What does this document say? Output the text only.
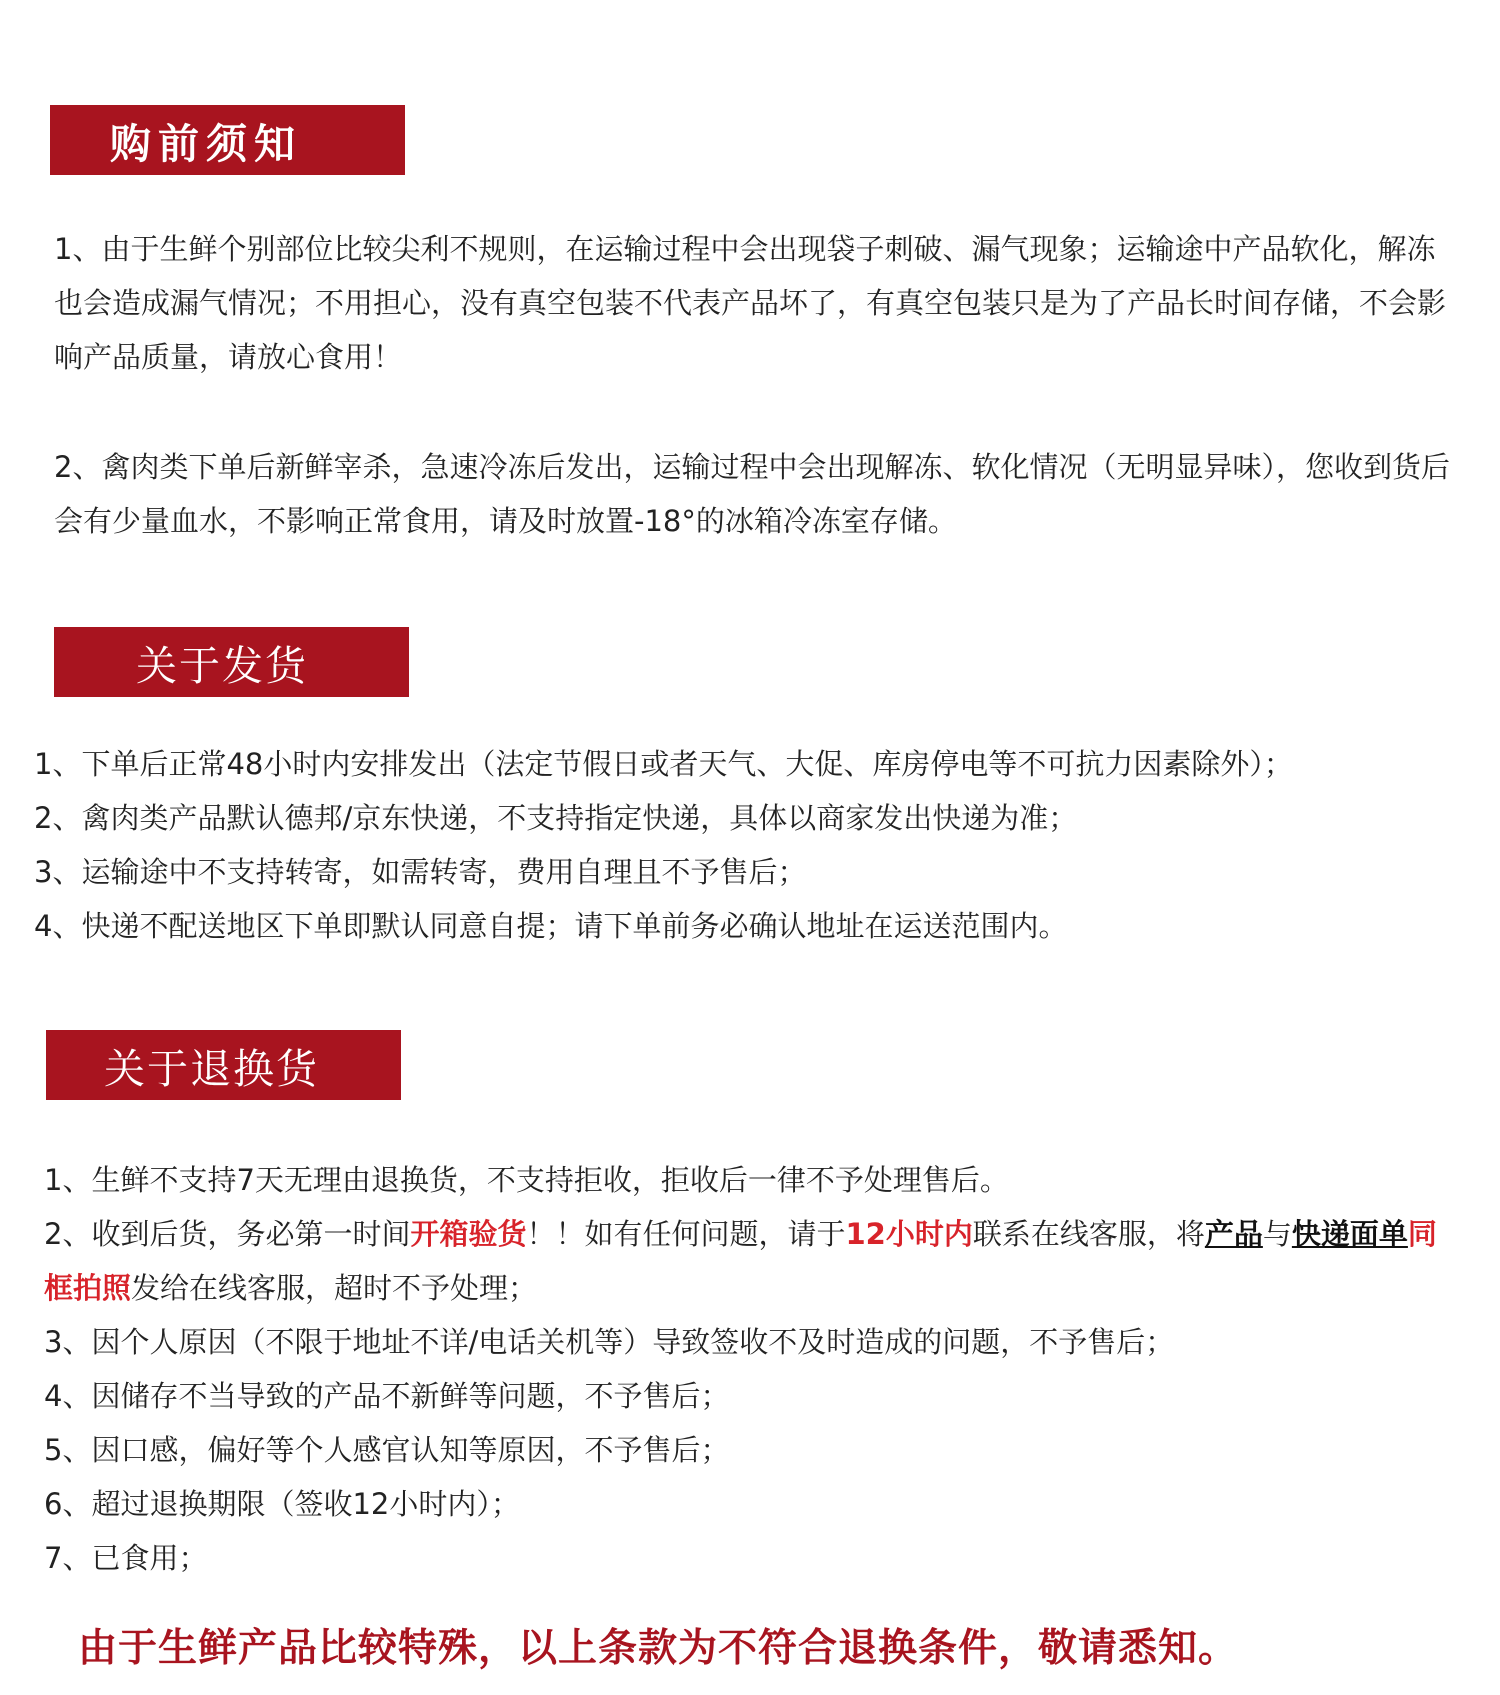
购前须知

1、由于生鲜个别部位比较尖利不规则，在运输过程中会出现袋子刺破、漏气现象；运输途中产品软化，解冻也会造成漏气情况；不用担心，没有真空包装不代表产品坏了，有真空包装只是为了产品长时间存储，不会影响产品质量，请放心食用！

2、禽肉类下单后新鲜宰杀，急速冷冻后发出，运输过程中会出现解冻、软化情况（无明显异味），您收到货后会有少量血水，不影响正常食用，请及时放置-18°的冰箱冷冻室存储。

关于发货
1、下单后正常48小时内安排发出（法定节假日或者天气、大促、库房停电等不可抗力因素除外）；
2、禽肉类产品默认德邦/京东快递，不支持指定快递，具体以商家发出快递为准；
3、运输途中不支持转寄，如需转寄，费用自理且不予售后；
4、快递不配送地区下单即默认同意自提；请下单前务必确认地址在运送范围内。
关于退换货
1、生鲜不支持7天无理由退换货，不支持拒收，拒收后一律不予处理售后。
2、收到后货，务必第一时间开箱验货！！如有任何问题，请于12小时内联系在线客服，将产品与快递面单同框拍照发给在线客服，超时不予处理；
3、因个人原因（不限于地址不详/电话关机等）导致签收不及时造成的问题，不予售后；
4、因储存不当导致的产品不新鲜等问题，不予售后；
5、因口感，偏好等个人感官认知等原因，不予售后；
6、超过退换期限（签收12小时内）；
7、已食用；
由于生鲜产品比较特殊，以上条款为不符合退换条件，敬请悉知。
